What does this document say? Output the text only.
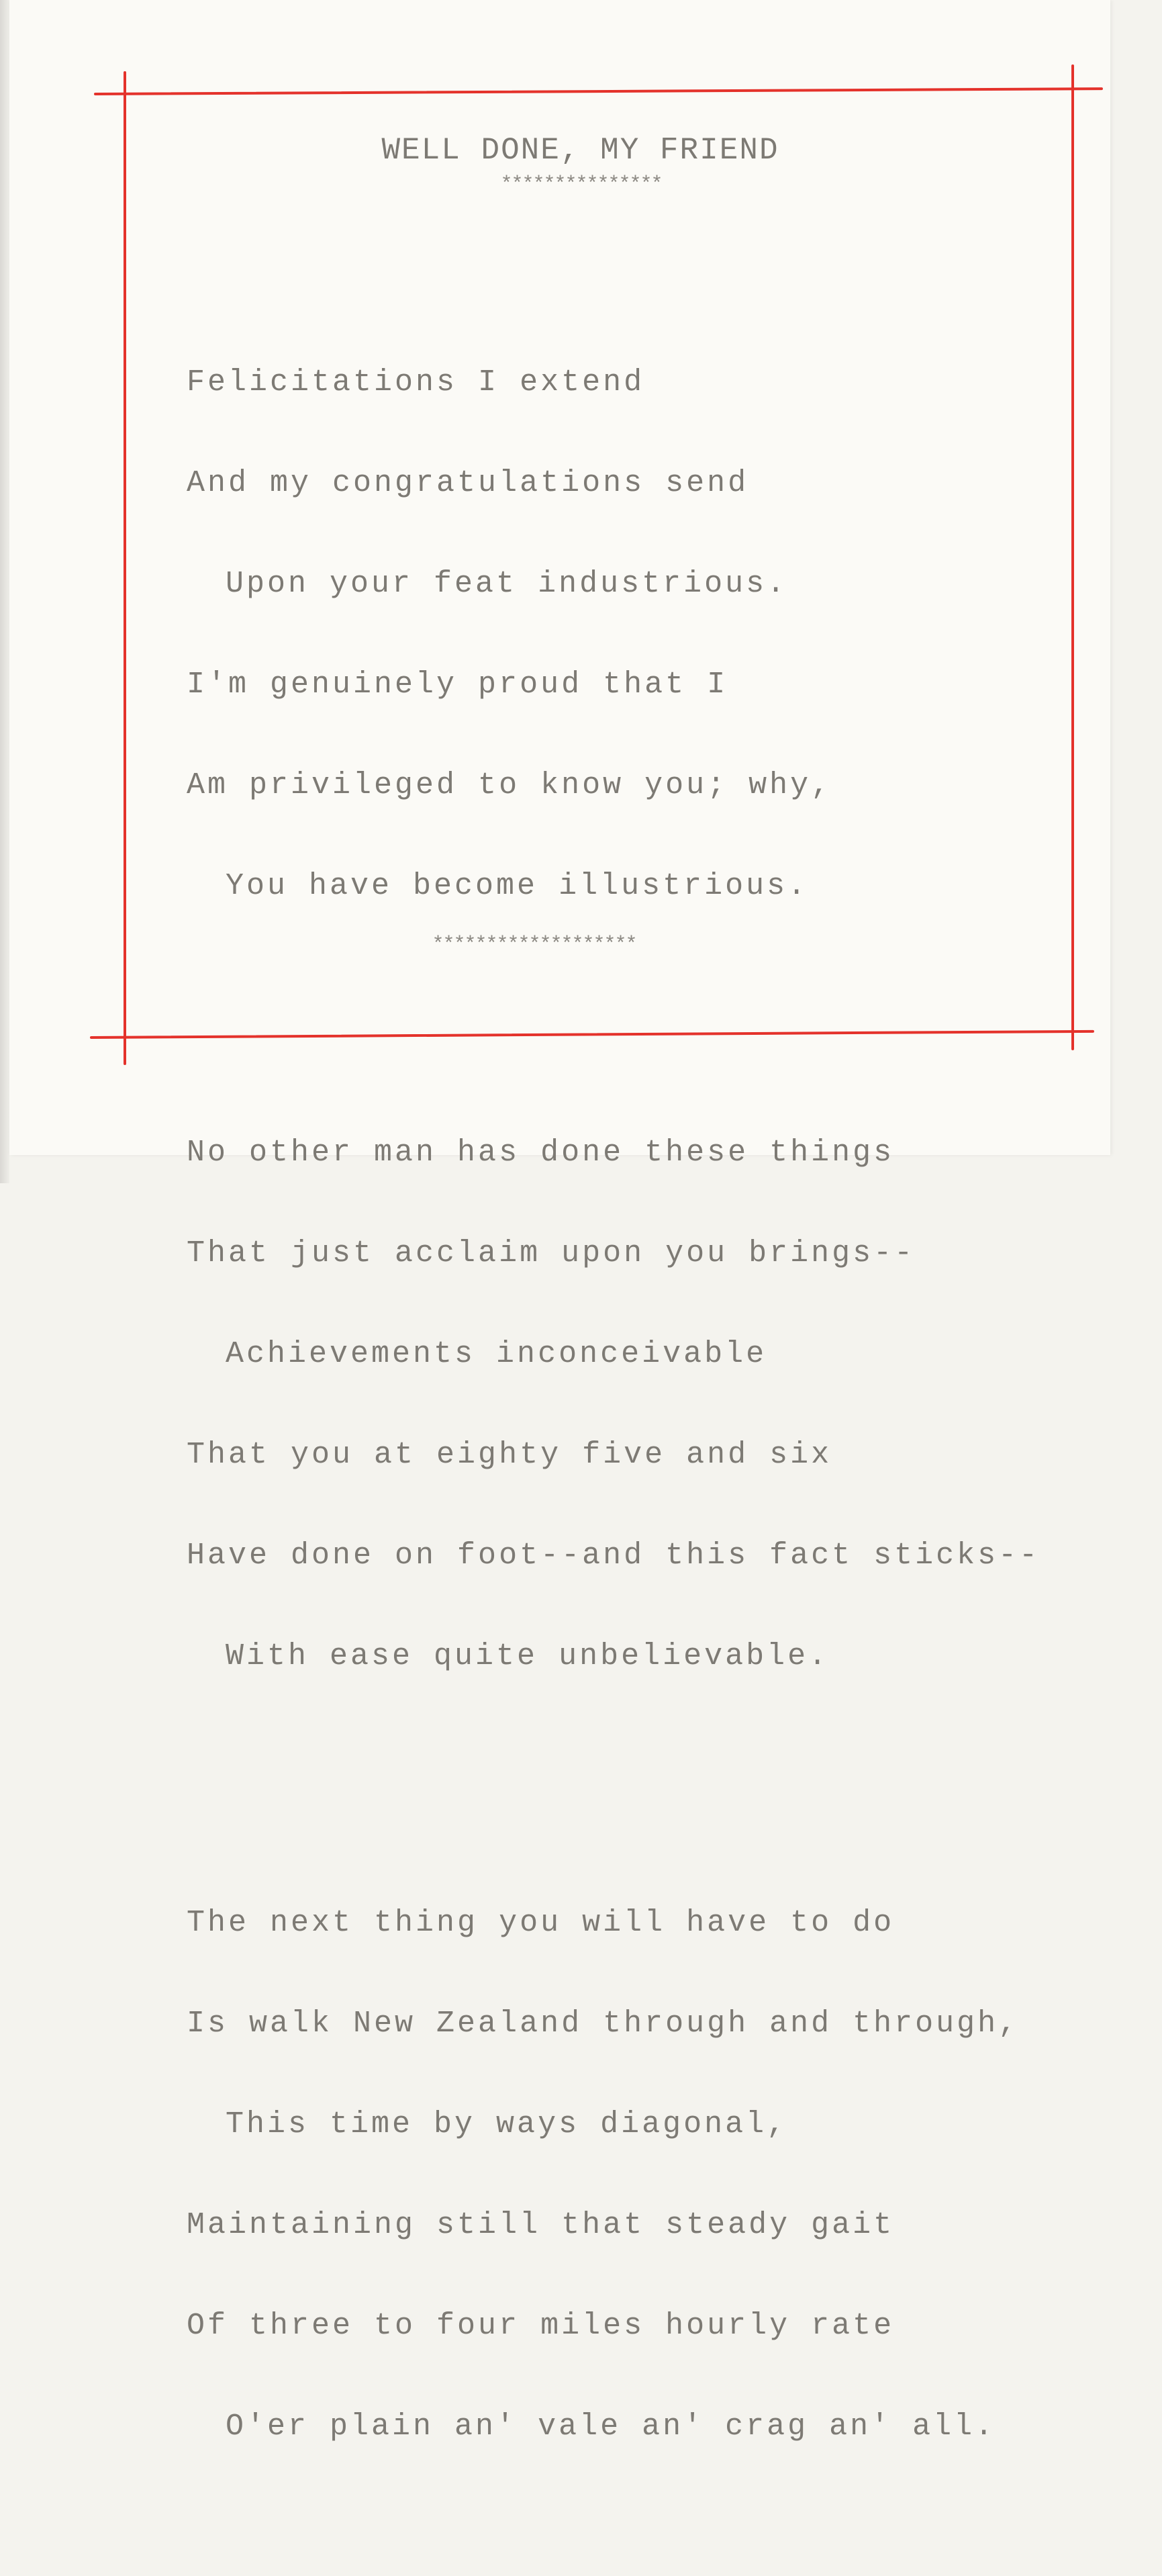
WELL DONE, MY FRIEND
***************

Felicitations I extend

And my congratulations send

Upon your feat industrious.

I'm genuinely proud that I

Am privileged to know you; why,

You have become illustrious.

No other man has done these things

That just acclaim upon you brings--

Achievements inconceivable

That you at eighty five and six

Have done on foot--and this fact sticks--

With ease quite unbelievable.

The next thing you will have to do

Is walk New Zealand through and through,

This time by ways diagonal,

Maintaining still that steady gait

Of three to four miles hourly rate

O'er plain an' vale an' crag an' all.

*******************
